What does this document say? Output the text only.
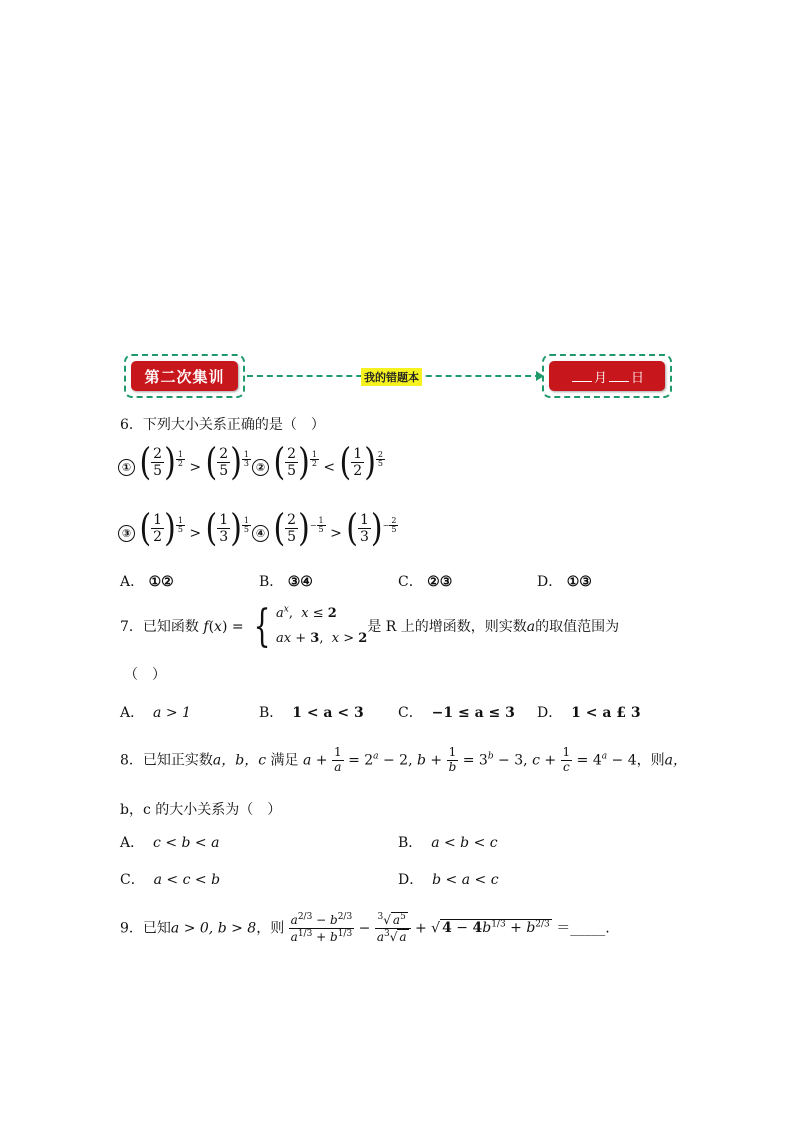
第二次集训	我的错题本	月 日
6．下列大小关系正确的是（　）
① ( $\frac{2}{5}$ ) $\frac{1}{2}$ > ( $\frac{2}{5}$ ) $\frac{1}{3}$ ② ( $\frac{2}{5}$ ) $\frac{1}{2}$ < ( $\frac{1}{2}$ ) $\frac{2}{5}$
③ ( $\frac{1}{2}$ ) $\frac{1}{5}$ > ( $\frac{1}{3}$ ) $\frac{1}{5}$ ④ ( $\frac{2}{5}$ ) − $\frac{1}{5}$ > ( $\frac{1}{3}$ ) − $\frac{2}{5}$
A． ①②	B． ③④	C． ②③	D． ①③
7．已知函数 f(x) = { $a^x$,  x ≤ 2
ax + 3,  x > 2是 R 上的增函数，则实数a的取值范围为
（　）
A． a > 1	B． 1 < a < 3 C． −1 ≤ a ≤ 3 D． 1 < a £ 3
8．已知正实数a，b，c 满足 $a + \frac{1}{a} = 2^a - 2$, $b + \frac{1}{b} = 3^b - 3$, $c + \frac{1}{c} = 4^a - 4$，则a，
b，c 的大小关系为（　）
A． c < b < a	B． a < b < c
C． a < c < b	D． b < a < c
9．已知a > 0, b > 8，则 $\frac{a^{2/3} - b^{2/3}}{a^{1/3} + b^{1/3}} - \frac{^3√ a^5}{a^3√ a}$ + √ $4 - 4b^{1/3} + b^{2/3}$ ＝_____.
